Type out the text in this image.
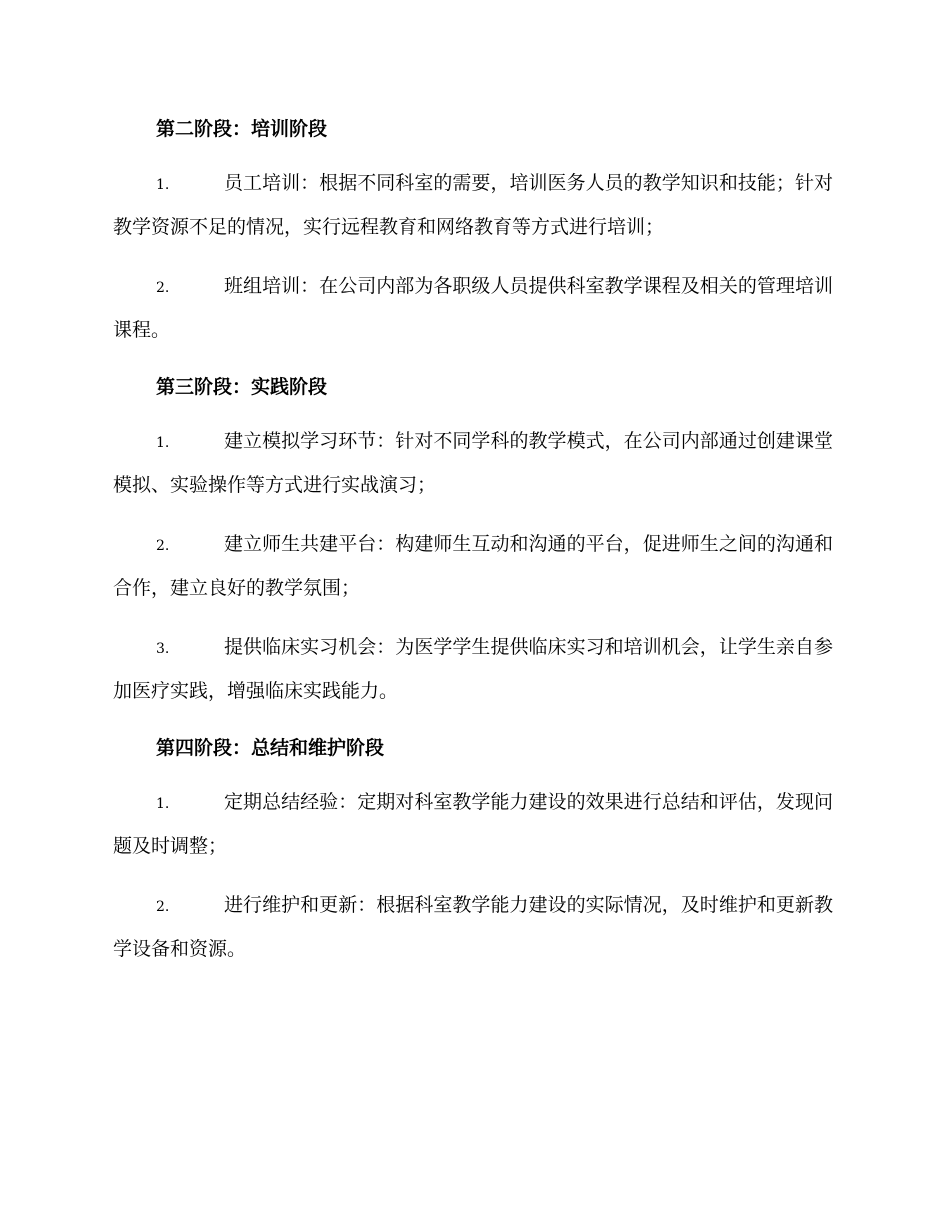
第二阶段：培训阶段

1.	员工培训：根据不同科室的需要，培训医务人员的教学知识和技能；针对教学资源不足的情况，实行远程教育和网络教育等方式进行培训；

2.	班组培训：在公司内部为各职级人员提供科室教学课程及相关的管理培训课程。

第三阶段：实践阶段

1.	建立模拟学习环节：针对不同学科的教学模式，在公司内部通过创建课堂模拟、实验操作等方式进行实战演习；

2.	建立师生共建平台：构建师生互动和沟通的平台，促进师生之间的沟通和合作，建立良好的教学氛围；

3.	提供临床实习机会：为医学学生提供临床实习和培训机会，让学生亲自参加医疗实践，增强临床实践能力。

第四阶段：总结和维护阶段

1.	定期总结经验：定期对科室教学能力建设的效果进行总结和评估，发现问题及时调整；

2.	进行维护和更新：根据科室教学能力建设的实际情况，及时维护和更新教学设备和资源。
